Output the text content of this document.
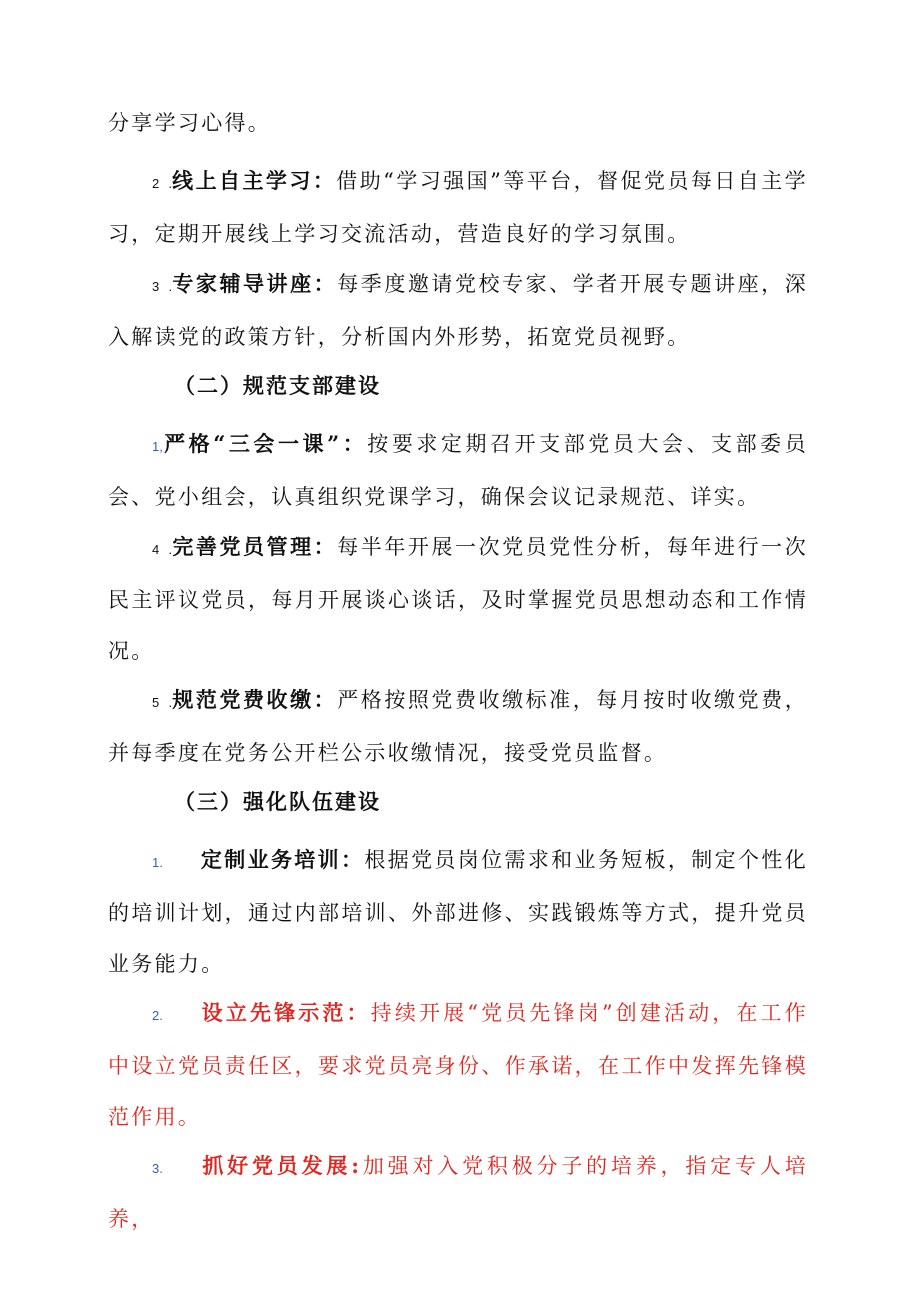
分享学习心得。

2 .线上自主学习：借助“学习强国”等平台，督促党员每日自主学习，定期开展线上学习交流活动，营造良好的学习氛围。

3 .专家辅导讲座：每季度邀请党校专家、学者开展专题讲座，深入解读党的政策方针，分析国内外形势，拓宽党员视野。

（二）规范支部建设

1,严格“三会一课”：按要求定期召开支部党员大会、支部委员会、党小组会，认真组织党课学习，确保会议记录规范、详实。

4 .完善党员管理：每半年开展一次党员党性分析，每年进行一次民主评议党员，每月开展谈心谈话，及时掌握党员思想动态和工作情况。

5 .规范党费收缴：严格按照党费收缴标准，每月按时收缴党费，并每季度在党务公开栏公示收缴情况，接受党员监督。

（三）强化队伍建设

1. 定制业务培训：根据党员岗位需求和业务短板，制定个性化的培训计划，通过内部培训、外部进修、实践锻炼等方式，提升党员业务能力。

2. 设立先锋示范：持续开展“党员先锋岗”创建活动，在工作中设立党员责任区，要求党员亮身份、作承诺，在工作中发挥先锋模范作用。

3. 抓好党员发展:加强对入党积极分子的培养，指定专人培养，
